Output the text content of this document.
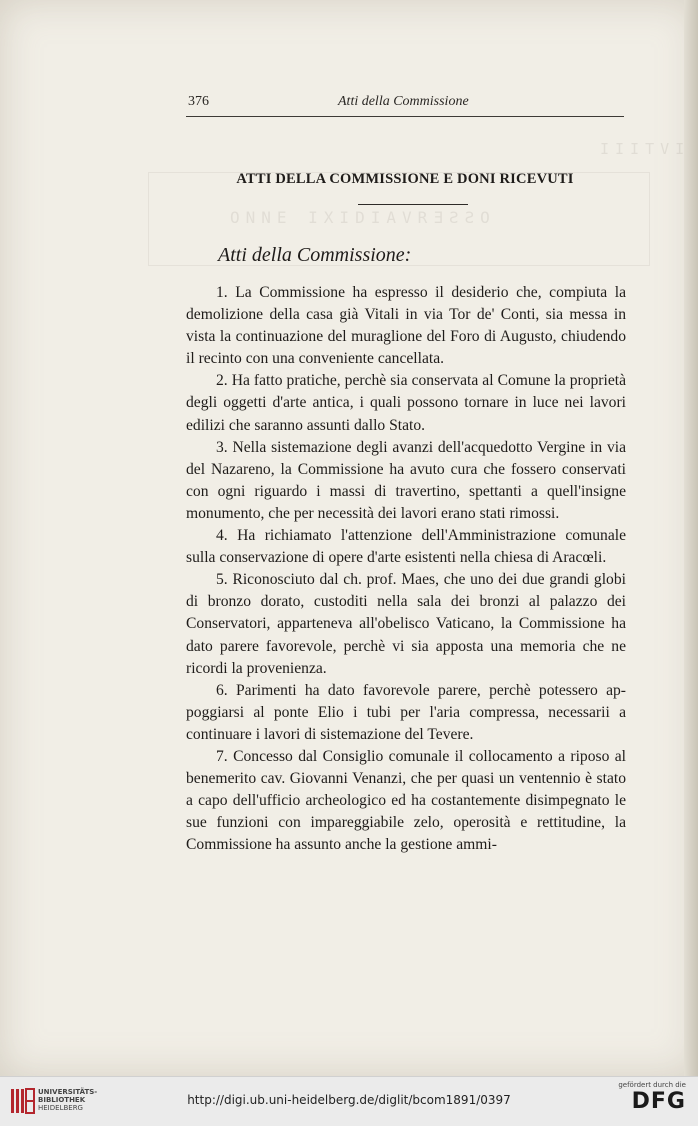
ONNE IXIDIAVRƎƧƧO
IIITVI
376	Atti della Commissione
ATTI DELLA COMMISSIONE E DONI RICEVUTI
Atti della Commissione:

1. La Commissione ha espresso il desiderio che, compiuta la demolizione della casa già Vitali in via Tor de' Conti, sia messa in vista la continuazione del muraglione del Foro di Augusto, chiudendo il recinto con una conveniente cancellata.

2. Ha fatto pratiche, perchè sia conservata al Comune la proprietà degli oggetti d'arte antica, i quali possono tornare in luce nei lavori edilizi che saranno assunti dallo Stato.

3. Nella sistemazione degli avanzi dell'acquedotto Vergine in via del Nazareno, la Commissione ha avuto cura che fossero conservati con ogni riguardo i massi di travertino, spettanti a quell'insigne monumento, che per necessità dei lavori erano stati rimossi.

4. Ha richiamato l'attenzione dell'Amministrazione comunale sulla conservazione di opere d'arte esistenti nella chiesa di Aracœli.

5. Riconosciuto dal ch. prof. Maes, che uno dei due grandi globi di bronzo dorato, custoditi nella sala dei bronzi al palazzo dei Conservatori, apparteneva all'obelisco Vaticano, la Commissione ha dato parere favorevole, perchè vi sia apposta una memoria che ne ricordi la provenienza.

6. Parimenti ha dato favorevole parere, perchè potessero appoggiarsi al ponte Elio i tubi per l'aria compressa, necessarii a continuare i lavori di sistemazione del Tevere.

7. Concesso dal Consiglio comunale il collocamento a riposo al benemerito cav. Giovanni Venanzi, che per quasi un ventennio è stato a capo dell'ufficio archeologico ed ha costantemente disimpegnato le sue funzioni con impareggiabile zelo, operosità e rettitudine, la Commissione ha assunto anche la gestione ammi-

UNIVERSITÄTS-
BIBLIOTHEK
HEIDELBERG
http://digi.ub.uni-heidelberg.de/diglit/bcom1891/0397
gefördert durch die
DFG
